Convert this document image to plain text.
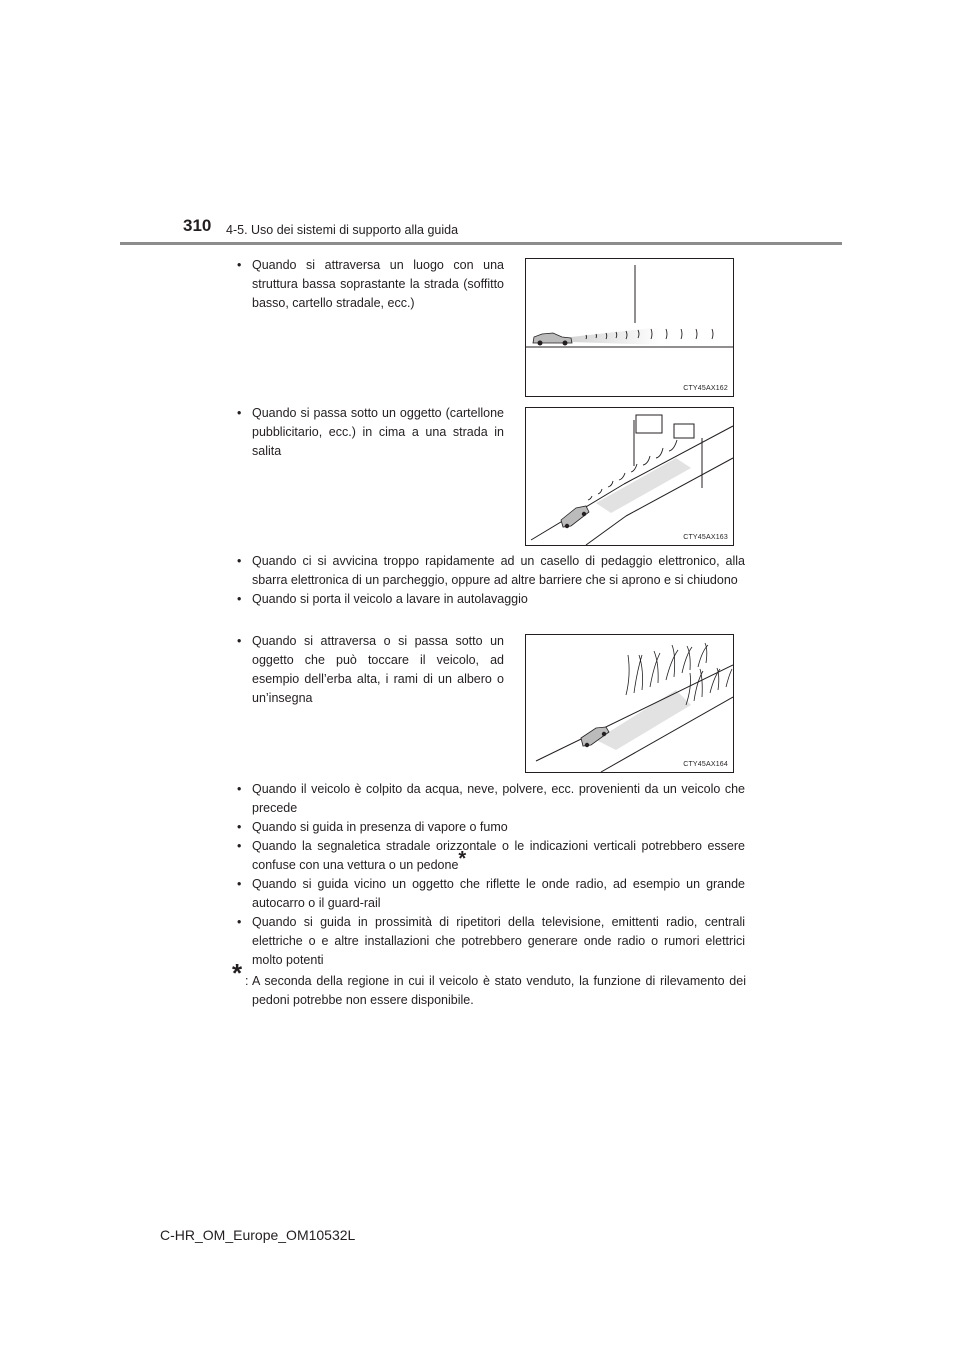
310 4-5. Uso dei sistemi di supporto alla guida
• Quando si attraversa un luogo con una struttura bassa soprastante la strada (soffitto basso, cartello stradale, ecc.)
CTY45AX162
• Quando si passa sotto un oggetto (cartellone pubblicitario, ecc.) in cima a una strada in salita
CTY45AX163
• Quando ci si avvicina troppo rapidamente ad un casello di pedaggio elettronico, alla sbarra elettronica di un parcheggio, oppure ad altre barriere che si aprono e si chiudono
• Quando si porta il veicolo a lavare in autolavaggio
• Quando si attraversa o si passa sotto un oggetto che può toccare il veicolo, ad esempio dell’erba alta, i rami di un albero o un’insegna
CTY45AX164
• Quando il veicolo è colpito da acqua, neve, polvere, ecc. provenienti da un veicolo che precede
• Quando si guida in presenza di vapore o fumo
• Quando la segnaletica stradale orizzontale o le indicazioni verticali potrebbero essere confuse con una vettura o un pedone*
• Quando si guida vicino un oggetto che riflette le onde radio, ad esempio un grande autocarro o il guard-rail
• Quando si guida in prossimità di ripetitori della televisione, emittenti radio, centrali elettriche o e altre installazioni che potrebbero generare onde radio o rumori elettrici molto potenti
* : A seconda della regione in cui il veicolo è stato venduto, la funzione di rilevamento dei pedoni potrebbe non essere disponibile.
C-HR_OM_Europe_OM10532L
